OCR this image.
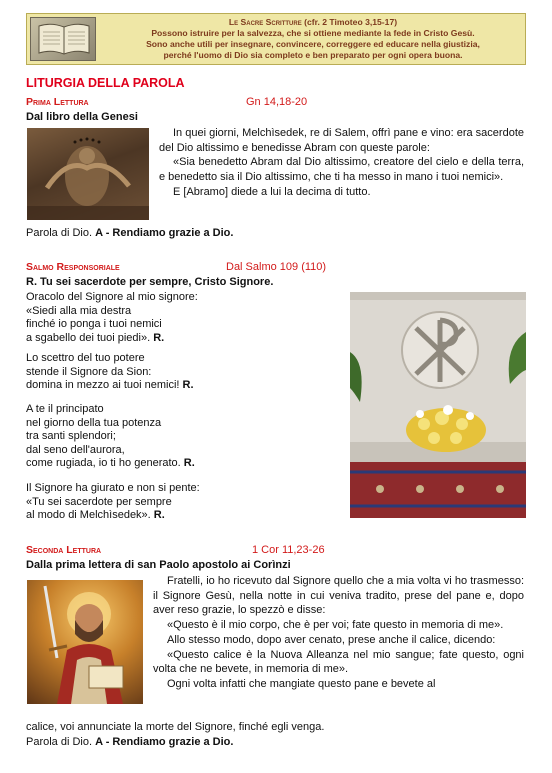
Le Sacre Scritture (cfr. 2 Timoteo 3,15-17)
Possono istruire per la salvezza, che si ottiene mediante la fede in Cristo Gesù.
Sono anche utili per insegnare, convincere, correggere ed educare nella giustizia,
perché l'uomo di Dio sia completo e ben preparato per ogni opera buona.
LITURGIA DELLA PAROLA
Prima Lettura	Gn 14,18-20
Dal libro della Genesi

In quei giorni, Melchìsedek, re di Salem, offrì pane e vino: era sacerdote del Dio altissimo e benedisse Abram con queste parole:

«Sia benedetto Abram dal Dio altissimo, creatore del cielo e della terra, e benedetto sia il Dio altissimo, che ti ha messo in mano i tuoi nemici».

E [Abramo] diede a lui la decima di tutto.

Parola di Dio. A - Rendiamo grazie a Dio.
Salmo Responsoriale	Dal Salmo 109 (110)
R. Tu sei sacerdote per sempre, Cristo Signore.
Oracolo del Signore al mio signore:
«Siedi alla mia destra
finché io ponga i tuoi nemici
a sgabello dei tuoi piedi». R.
Lo scettro del tuo potere
stende il Signore da Sion:
domina in mezzo ai tuoi nemici! R.
A te il principato
nel giorno della tua potenza
tra santi splendori;
dal seno dell'aurora,
come rugiada, io ti ho generato. R.
Il Signore ha giurato e non si pente:
«Tu sei sacerdote per sempre
al modo di Melchìsedek». R.
Seconda Lettura	1 Cor 11,23-26
Dalla prima lettera di san Paolo apostolo ai Corìnzi

Fratelli, io ho ricevuto dal Signore quello che a mia volta vi ho trasmesso: il Signore Gesù, nella notte in cui veniva tradito, prese del pane e, dopo aver reso grazie, lo spezzò e disse:

«Questo è il mio corpo, che è per voi; fate questo in memoria di me».

Allo stesso modo, dopo aver cenato, prese anche il calice, dicendo:

«Questo calice è la Nuova Alleanza nel mio sangue; fate questo, ogni volta che ne bevete, in memoria di me».

Ogni volta infatti che mangiate questo pane e bevete al

calice, voi annunciate la morte del Signore, finché egli venga.
Parola di Dio. A - Rendiamo grazie a Dio.
